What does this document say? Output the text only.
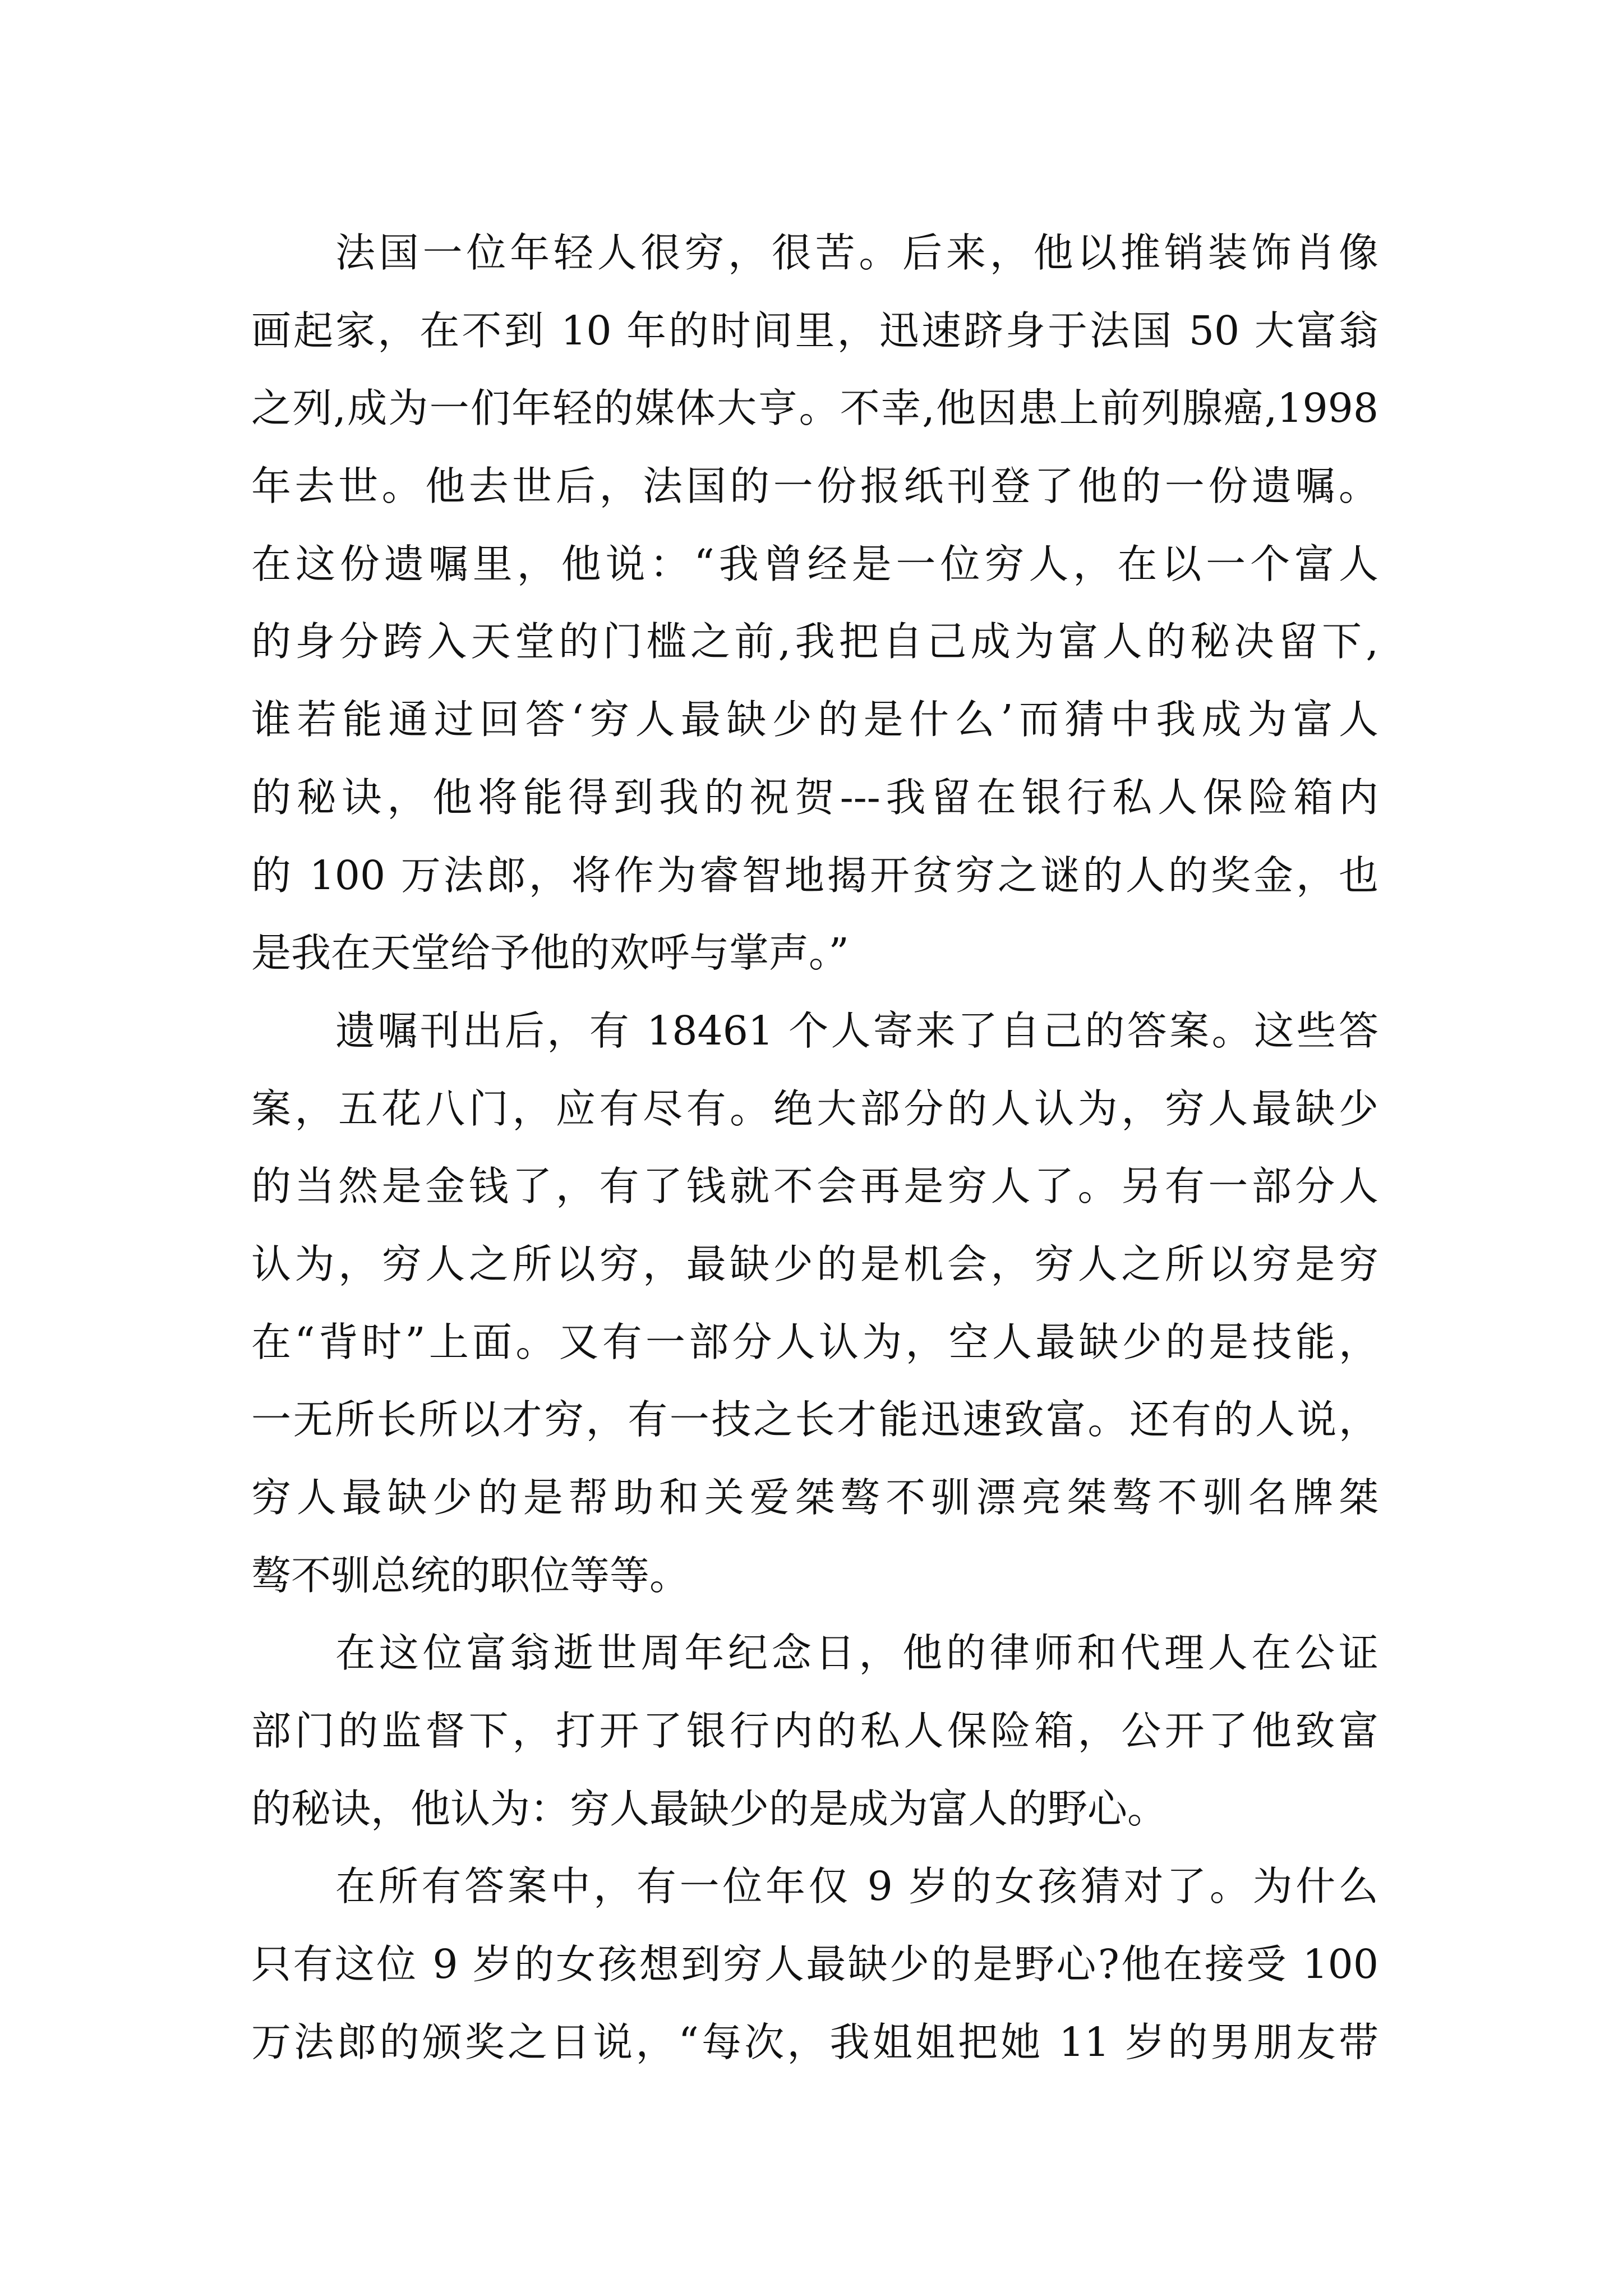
法国一位年轻人很穷，很苦。后来，他以推销装饰肖像
画起家，在不到 10 年的时间里，迅速跻身于法国 50 大富翁
之列,成为一们年轻的媒体大亨。不幸,他因患上前列腺癌,1998
年去世。他去世后，法国的一份报纸刊登了他的一份遗嘱。
在这份遗嘱里，他说：“我曾经是一位穷人，在以一个富人
的身分跨入天堂的门槛之前,我把自己成为富人的秘决留下,
谁若能通过回答‘穷人最缺少的是什么’而猜中我成为富人
的秘诀，他将能得到我的祝贺---我留在银行私人保险箱内
的 100 万法郎，将作为睿智地揭开贫穷之谜的人的奖金，也
是我在天堂给予他的欢呼与掌声。”
遗嘱刊出后，有 18461 个人寄来了自己的答案。这些答
案，五花八门，应有尽有。绝大部分的人认为，穷人最缺少
的当然是金钱了，有了钱就不会再是穷人了。另有一部分人
认为，穷人之所以穷，最缺少的是机会，穷人之所以穷是穷
在“背时”上面。又有一部分人认为，空人最缺少的是技能，
一无所长所以才穷，有一技之长才能迅速致富。还有的人说，
穷人最缺少的是帮助和关爱桀骜不驯漂亮桀骜不驯名牌桀
骜不驯总统的职位等等。
在这位富翁逝世周年纪念日，他的律师和代理人在公证
部门的监督下，打开了银行内的私人保险箱，公开了他致富
的秘诀，他认为：穷人最缺少的是成为富人的野心。
在所有答案中，有一位年仅 9 岁的女孩猜对了。为什么
只有这位 9 岁的女孩想到穷人最缺少的是野心?他在接受 100
万法郎的颁奖之日说，“每次，我姐姐把她 11 岁的男朋友带
